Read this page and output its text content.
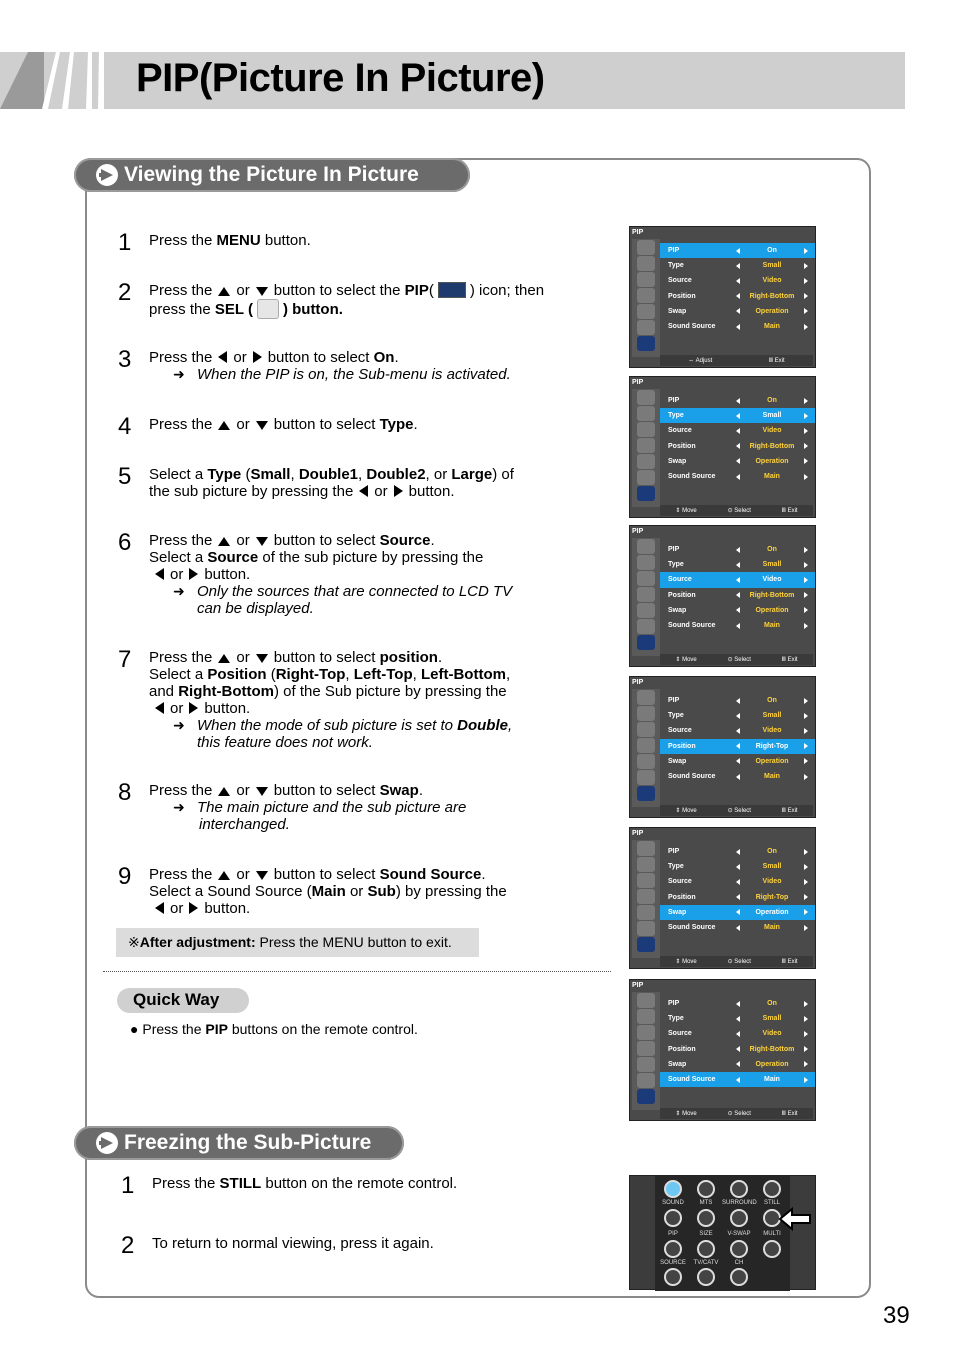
PIP(Picture In Picture)
Viewing the Picture In Picture
1 Press the MENU button.
2 Press the or button to select the PIP( ) icon; then
press the SEL ( ) button.
3 Press the or button to select On.
➜ When the PIP is on, the Sub-menu is activated.
4 Press the or button to select Type.
5 Select a Type (Small, Double1, Double2, or Large) of
the sub picture by pressing the or button.
6 Press the or button to select Source.
Select a Source of the sub picture by pressing the
or button.
➜ Only the sources that are connected to LCD TV
can be displayed.
7 Press the or button to select position.
Select a Position (Right-Top, Left-Top, Left-Bottom,
and Right-Bottom) of the Sub picture by pressing the
or button.
➜ When the mode of sub picture is set to Double,
this feature does not work.
8 Press the or button to select Swap.
➜ The main picture and the sub picture are
interchanged.
9 Press the or button to select Sound Source.
Select a Sound Source (Main or Sub) by pressing the
or button.
※After adjustment: Press the MENU button to exit.
Quick Way
● Press the PIP buttons on the remote control.
Freezing the Sub-Picture
1 Press the STILL button on the remote control.
2 To return to normal viewing, press it again.
PIP
PIP	On
Type	Small
Source	Video
Position	Right-Bottom
Swap	Operation
Sound Source	Main
⇔ Adjust	Ⅲ Exit
PIP
PIP	On
Type	Small
Source	Video
Position	Right-Bottom
Swap	Operation
Sound Source	Main
⇕ Move	⊙ Select	Ⅲ Exit
PIP
PIP	On
Type	Small
Source	Video
Position	Right-Bottom
Swap	Operation
Sound Source	Main
⇕ Move	⊙ Select	Ⅲ Exit
PIP
PIP	On
Type	Small
Source	Video
Position	Right-Top
Swap	Operation
Sound Source	Main
⇕ Move	⊙ Select	Ⅲ Exit
PIP
PIP	On
Type	Small
Source	Video
Position	Right-Top
Swap	Operation
Sound Source	Main
⇕ Move	⊙ Select	Ⅲ Exit
PIP
PIP	On
Type	Small
Source	Video
Position	Right-Bottom
Swap	Operation
Sound Source	Main
⇕ Move	⊙ Select	Ⅲ Exit
SOUND	MTS	SURROUND	STILL
PIP	SIZE	V-SWAP	MULTI
SOURCE	TV/CATV	CH
39
